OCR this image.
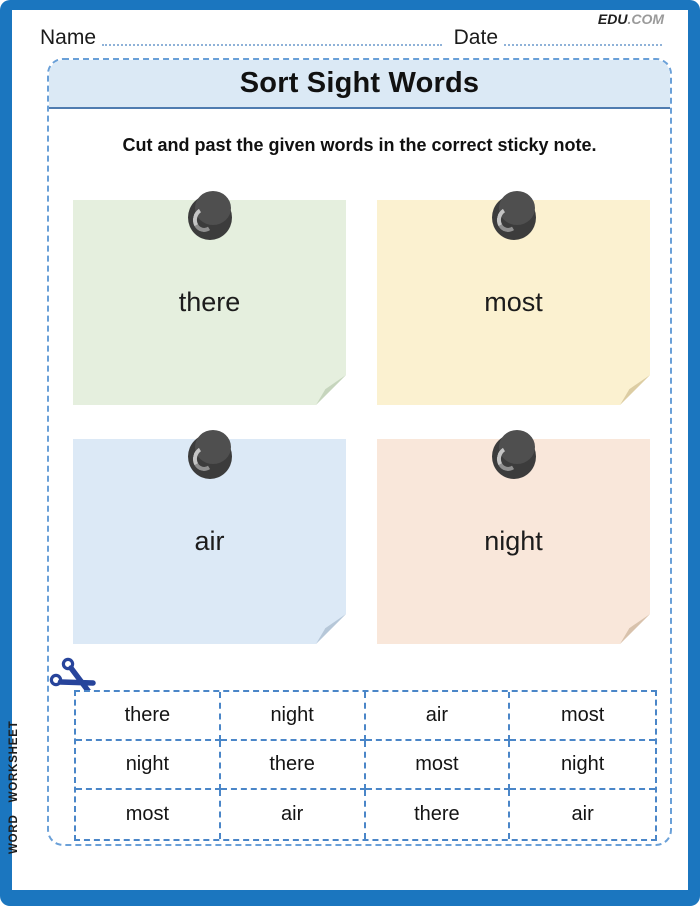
Name	Date
EDU.COM
Sort Sight Words
Cut and past the given words in the correct sticky note.
there	most
air	night
there	night	air	most
night	there	most	night
most	air	there	air
WORD   WORKSHEET
